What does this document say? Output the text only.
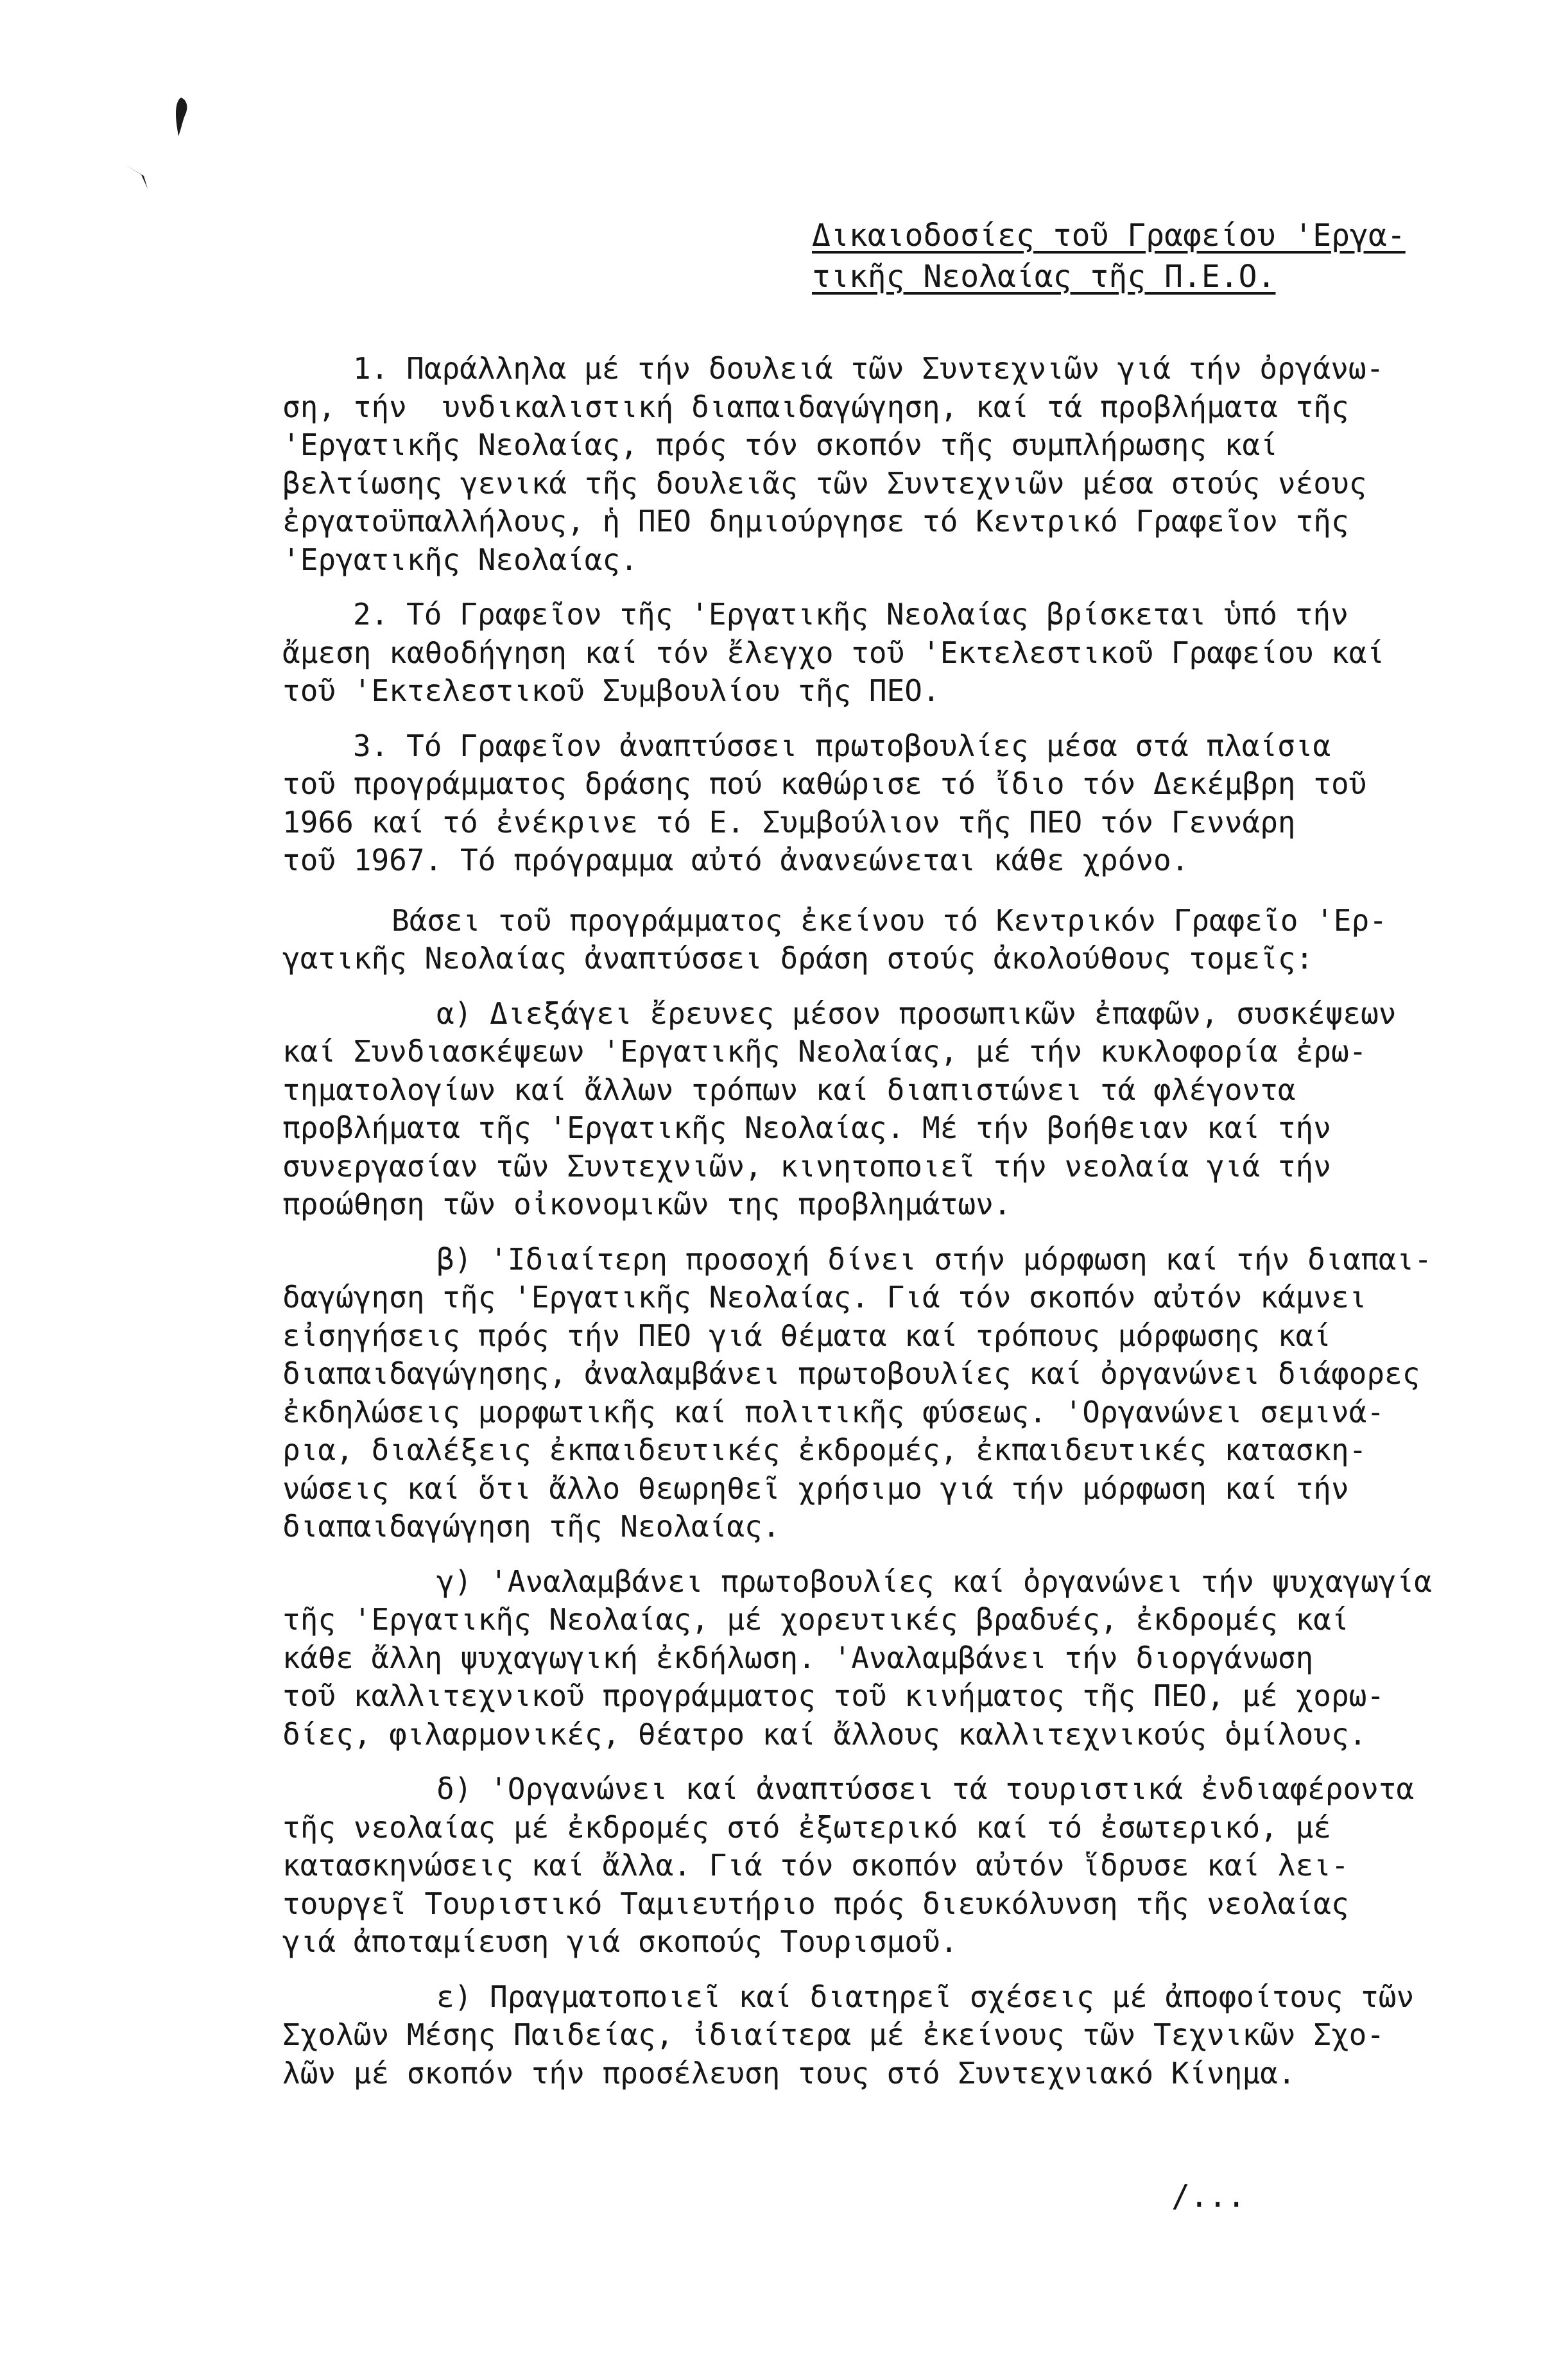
Δικαιοδοσίες τοῦ Γραφείου 'Εργα-
τικῆς Νεολαίας τῆς Π.Ε.Ο.

1. Παράλληλα μέ τήν δουλειά τῶν Συντεχνιῶν γιά τήν ὀργάνω-

ση, τήν  υνδικαλιστική διαπαιδαγώγηση, καί τά προβλήματα τῆς

'Εργατικῆς Νεολαίας, πρός τόν σκοπόν τῆς συμπλήρωσης καί

βελτίωσης γενικά τῆς δουλειᾶς τῶν Συντεχνιῶν μέσα στούς νέους

ἐργατοϋπαλλήλους, ἡ ΠΕΟ δημιούργησε τό Κεντρικό Γραφεῖον τῆς

'Εργατικῆς Νεολαίας.

2. Τό Γραφεῖον τῆς 'Εργατικῆς Νεολαίας βρίσκεται ὑπό τήν

ἄμεση καθοδήγηση καί τόν ἔλεγχο τοῦ 'Εκτελεστικοῦ Γραφείου καί

τοῦ 'Εκτελεστικοῦ Συμβουλίου τῆς ΠΕΟ.

3. Τό Γραφεῖον ἀναπτύσσει πρωτοβουλίες μέσα στά πλαίσια

τοῦ προγράμματος δράσης πού καθώρισε τό ἴδιο τόν Δεκέμβρη τοῦ

1966 καί τό ἐνέκρινε τό Ε. Συμβούλιον τῆς ΠΕΟ τόν Γεννάρη

τοῦ 1967. Τό πρόγραμμα αὐτό ἀνανεώνεται κάθε χρόνο.

Βάσει τοῦ προγράμματος ἐκείνου τό Κεντρικόν Γραφεῖο 'Ερ-

γατικῆς Νεολαίας ἀναπτύσσει δράση στούς ἀκολούθους τομεῖς:

α) Διεξάγει ἔρευνες μέσον προσωπικῶν ἐπαφῶν, συσκέψεων

καί Συνδιασκέψεων 'Εργατικῆς Νεολαίας, μέ τήν κυκλοφορία ἐρω-

τηματολογίων καί ἄλλων τρόπων καί διαπιστώνει τά φλέγοντα

προβλήματα τῆς 'Εργατικῆς Νεολαίας. Μέ τήν βοήθειαν καί τήν

συνεργασίαν τῶν Συντεχνιῶν, κινητοποιεῖ τήν νεολαία γιά τήν

προώθηση τῶν οἰκονομικῶν της προβλημάτων.

β) 'Ιδιαίτερη προσοχή δίνει στήν μόρφωση καί τήν διαπαι-

δαγώγηση τῆς 'Εργατικῆς Νεολαίας. Γιά τόν σκοπόν αὐτόν κάμνει

εἰσηγήσεις πρός τήν ΠΕΟ γιά θέματα καί τρόπους μόρφωσης καί

διαπαιδαγώγησης, ἀναλαμβάνει πρωτοβουλίες καί ὀργανώνει διάφορες

ἐκδηλώσεις μορφωτικῆς καί πολιτικῆς φύσεως. 'Οργανώνει σεμινά-

ρια, διαλέξεις ἐκπαιδευτικές ἐκδρομές, ἐκπαιδευτικές κατασκη-

νώσεις καί ὅτι ἄλλο θεωρηθεῖ χρήσιμο γιά τήν μόρφωση καί τήν

διαπαιδαγώγηση τῆς Νεολαίας.

γ) 'Αναλαμβάνει πρωτοβουλίες καί ὀργανώνει τήν ψυχαγωγία

τῆς 'Εργατικῆς Νεολαίας, μέ χορευτικές βραδυές, ἐκδρομές καί

κάθε ἄλλη ψυχαγωγική ἐκδήλωση. 'Αναλαμβάνει τήν διοργάνωση

τοῦ καλλιτεχνικοῦ προγράμματος τοῦ κινήματος τῆς ΠΕΟ, μέ χορω-

δίες, φιλαρμονικές, θέατρο καί ἄλλους καλλιτεχνικούς ὁμίλους.

δ) 'Οργανώνει καί ἀναπτύσσει τά τουριστικά ἐνδιαφέροντα

τῆς νεολαίας μέ ἐκδρομές στό ἐξωτερικό καί τό ἐσωτερικό, μέ

κατασκηνώσεις καί ἄλλα. Γιά τόν σκοπόν αὐτόν ἵδρυσε καί λει-

τουργεῖ Τουριστικό Ταμιευτήριο πρός διευκόλυνση τῆς νεολαίας

γιά ἀποταμίευση γιά σκοπούς Τουρισμοῦ.

ε) Πραγματοποιεῖ καί διατηρεῖ σχέσεις μέ ἀποφοίτους τῶν

Σχολῶν Μέσης Παιδείας, ἰδιαίτερα μέ ἐκείνους τῶν Τεχνικῶν Σχο-

λῶν μέ σκοπόν τήν προσέλευση τους στό Συντεχνιακό Κίνημα.

/...
